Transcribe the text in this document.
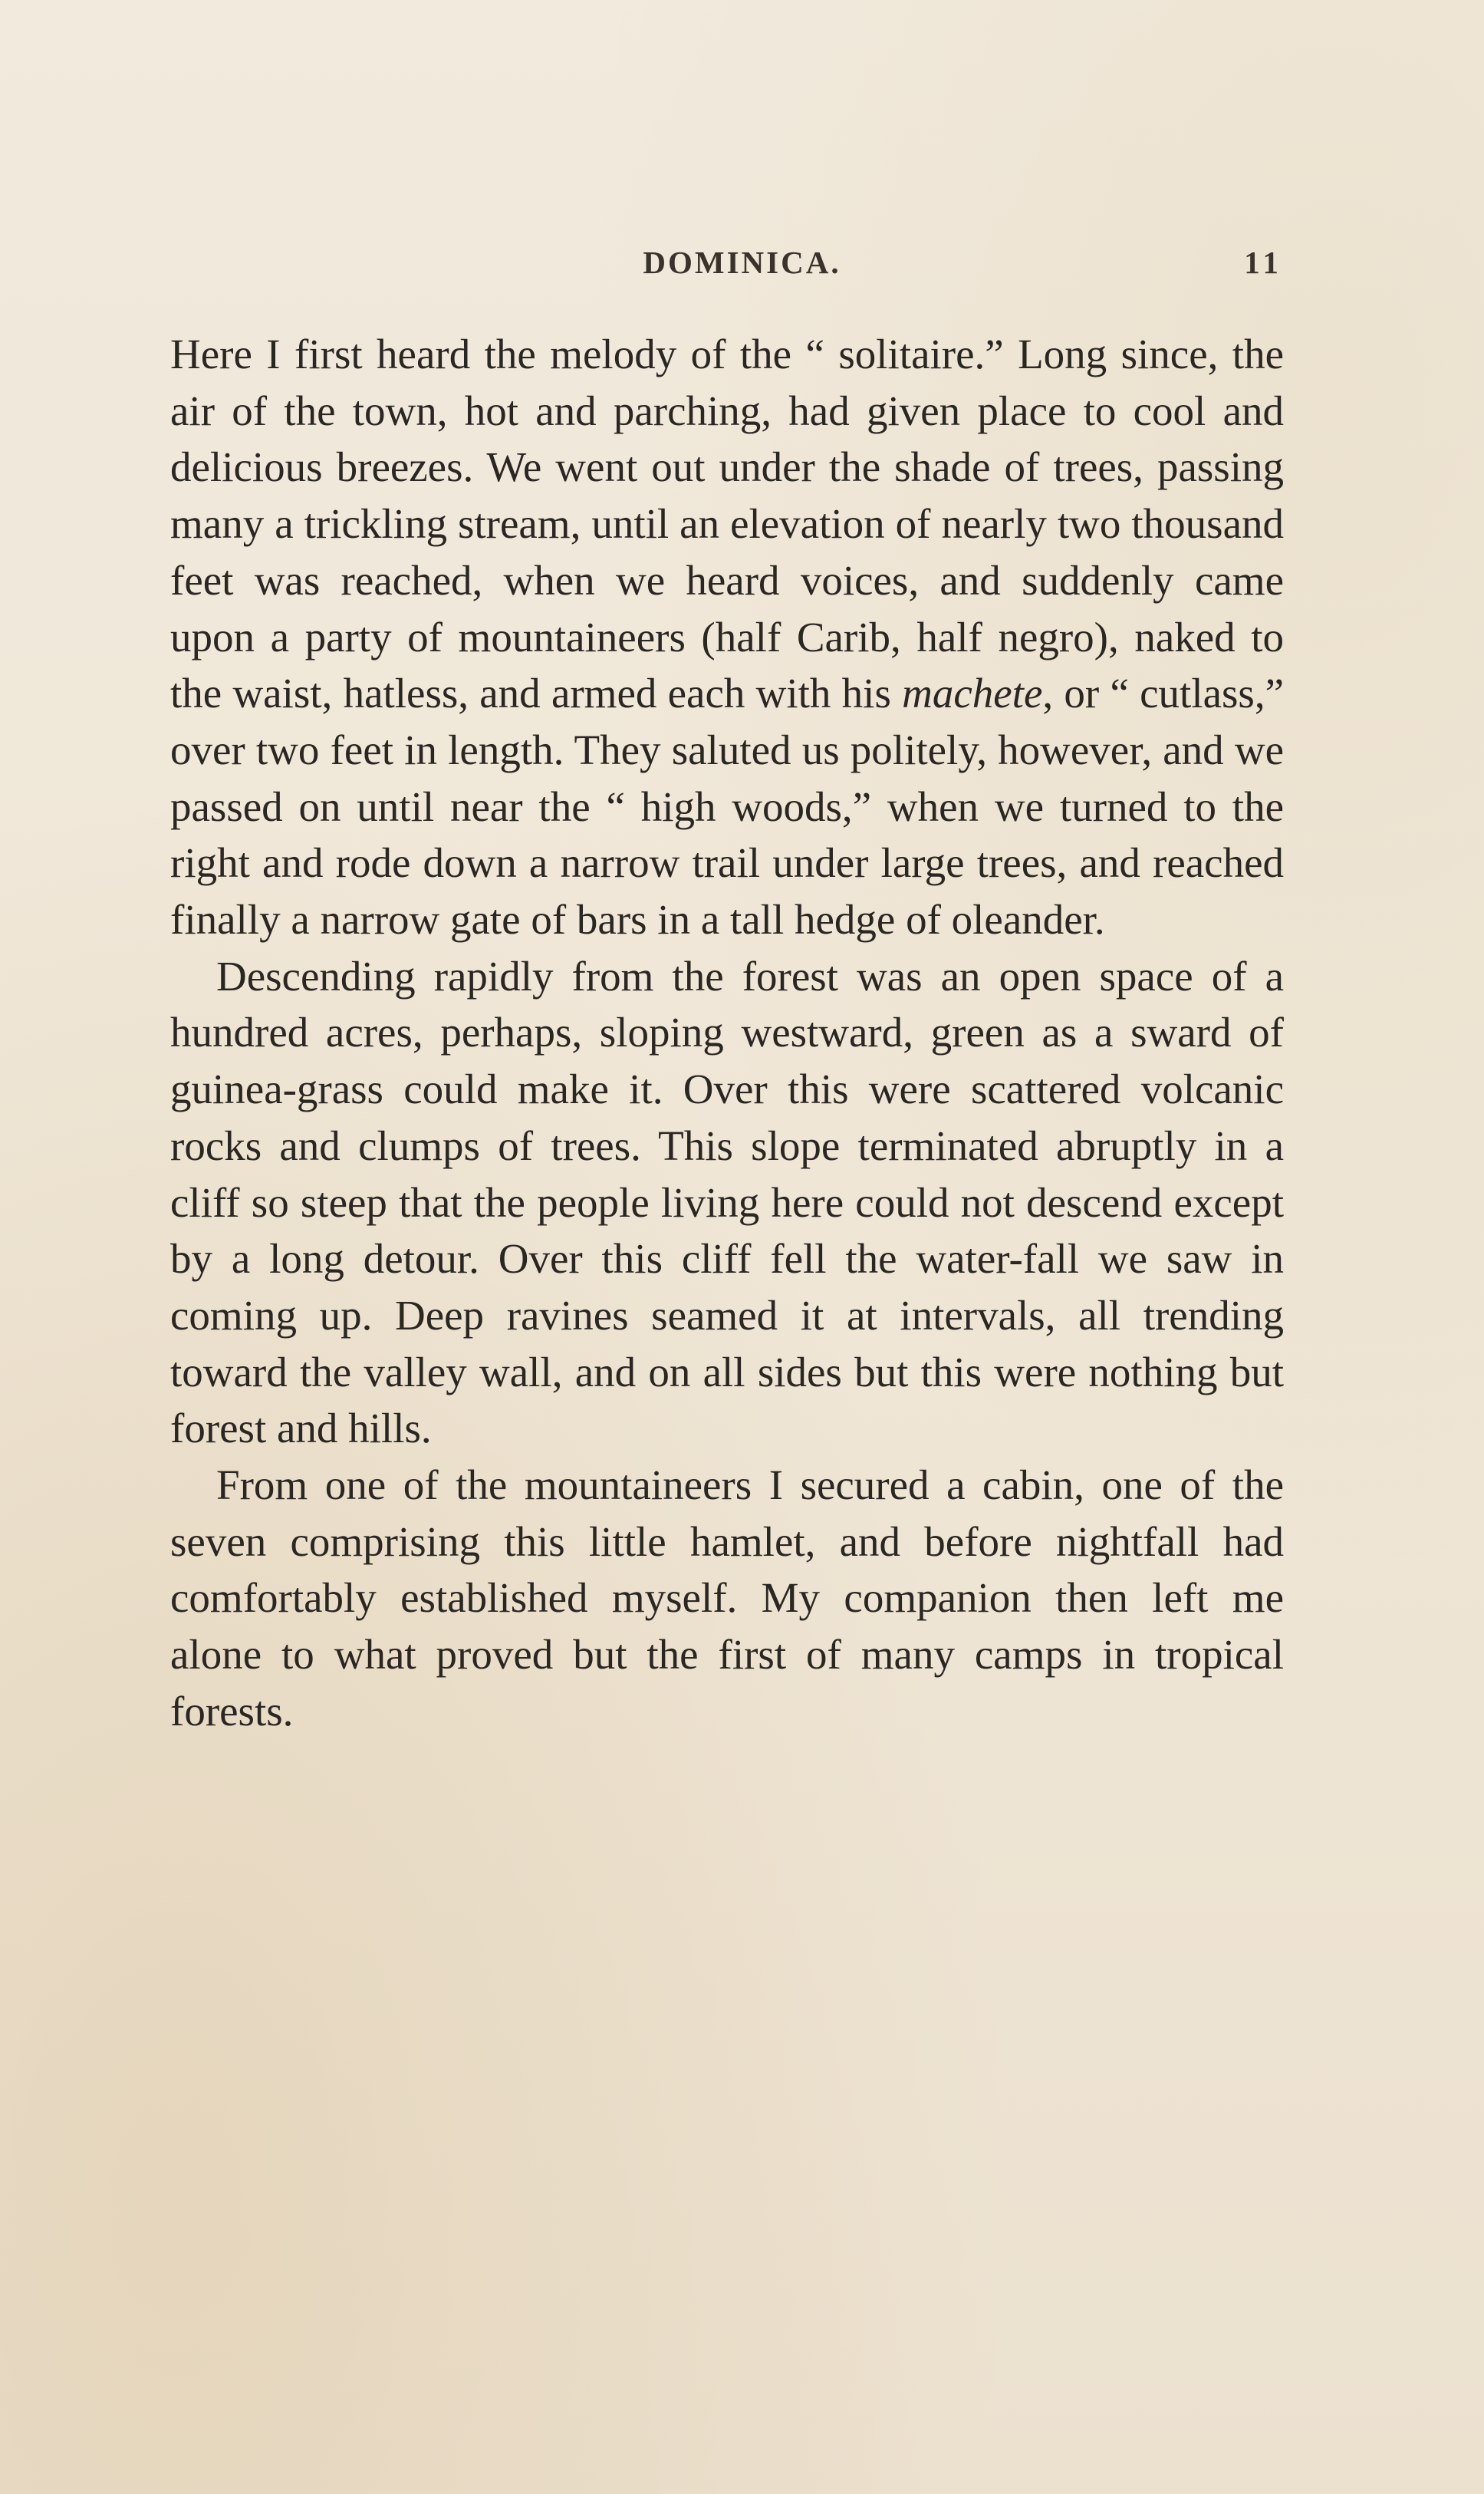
DOMINICA.	11

Here I first heard the melody of the “ solitaire.” Long since, the air of the town, hot and parching, had given place to cool and delicious breezes. We went out under the shade of trees, passing many a trickling stream, until an elevation of nearly two thousand feet was reached, when we heard voices, and suddenly came upon a party of mountaineers (half Carib, half negro), naked to the waist, hatless, and armed each with his machete, or “ cutlass,” over two feet in length. They saluted us politely, however, and we passed on until near the “ high woods,” when we turned to the right and rode down a narrow trail under large trees, and reached finally a narrow gate of bars in a tall hedge of oleander.

Descending rapidly from the forest was an open space of a hundred acres, perhaps, sloping westward, green as a sward of guinea-grass could make it. Over this were scattered volcanic rocks and clumps of trees. This slope terminated abruptly in a cliff so steep that the people living here could not descend except by a long detour. Over this cliff fell the water-fall we saw in coming up. Deep ravines seamed it at intervals, all trending toward the valley wall, and on all sides but this were nothing but forest and hills.

From one of the mountaineers I secured a cabin, one of the seven comprising this little hamlet, and before nightfall had comfortably established myself. My companion then left me alone to what proved but the first of many camps in tropical forests.
